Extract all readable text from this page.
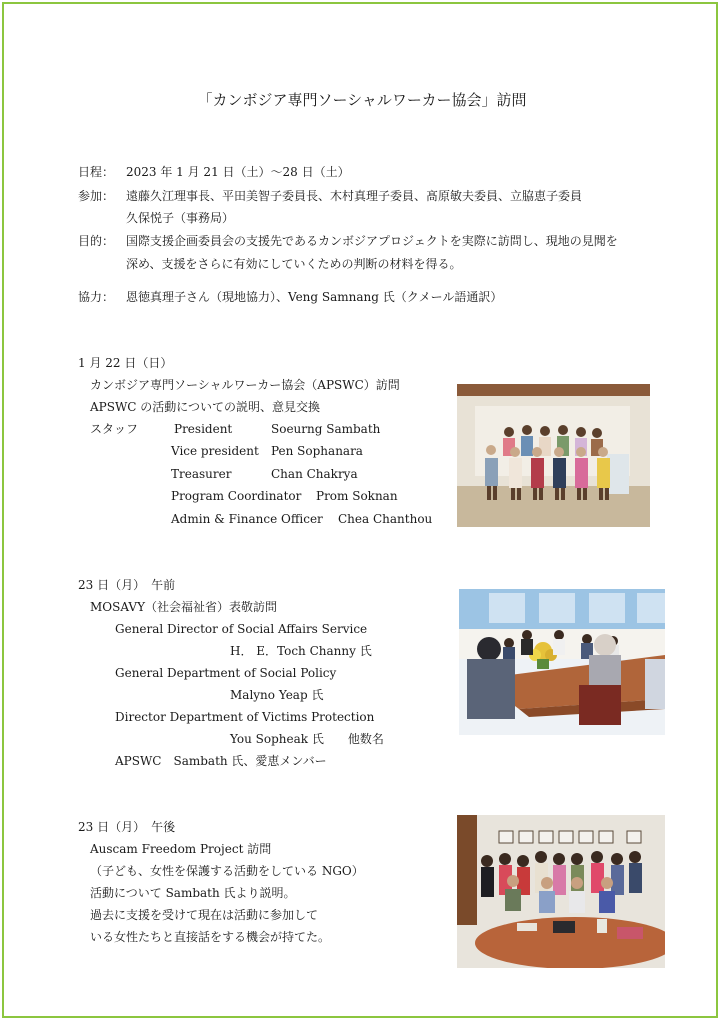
「カンボジア専門ソーシャルワーカー協会」訪問
日程： 2023 年 1 月 21 日（土）～28 日（土）
参加： 遠藤久江理事長、平田美智子委員長、木村真理子委員、髙原敏夫委員、立脇恵子委員
久保悦子（事務局）
目的： 国際支援企画委員会の支援先であるカンボジアプロジェクトを実際に訪問し、現地の見聞を
深め、支援をさらに有効にしていくための判断の材料を得る。
協力： 恩徳真理子さん（現地協力）、Veng Samnang 氏（クメール語通訳）
1 月 22 日（日）
カンボジア専門ソーシャルワーカー協会（APSWC）訪問
APSWC の活動についての説明、意見交換
スタッフ	President	Soeurng Sambath
Vice president Pen Sophanara
Treasurer	Chan Chakrya
Program Coordinator Prom Soknan
Admin & Finance Officer Chea Chanthou
23 日（月）　午前
MOSAVY（社会福祉省）表敬訪問
General Director of Social Affairs Service
H． E．Toch Channy 氏
General Department of Social Policy
Malyno Yeap 氏
Director Department of Victims Protection
You Sopheak 氏　　他数名
APSWC　Sambath 氏、愛恵メンバー
23 日（月）　午後
Auscam Freedom Project 訪問
（子ども、女性を保護する活動をしている NGO）
活動について Sambath 氏より説明。
過去に支援を受けて現在は活動に参加して
いる女性たちと直接話をする機会が持てた。
